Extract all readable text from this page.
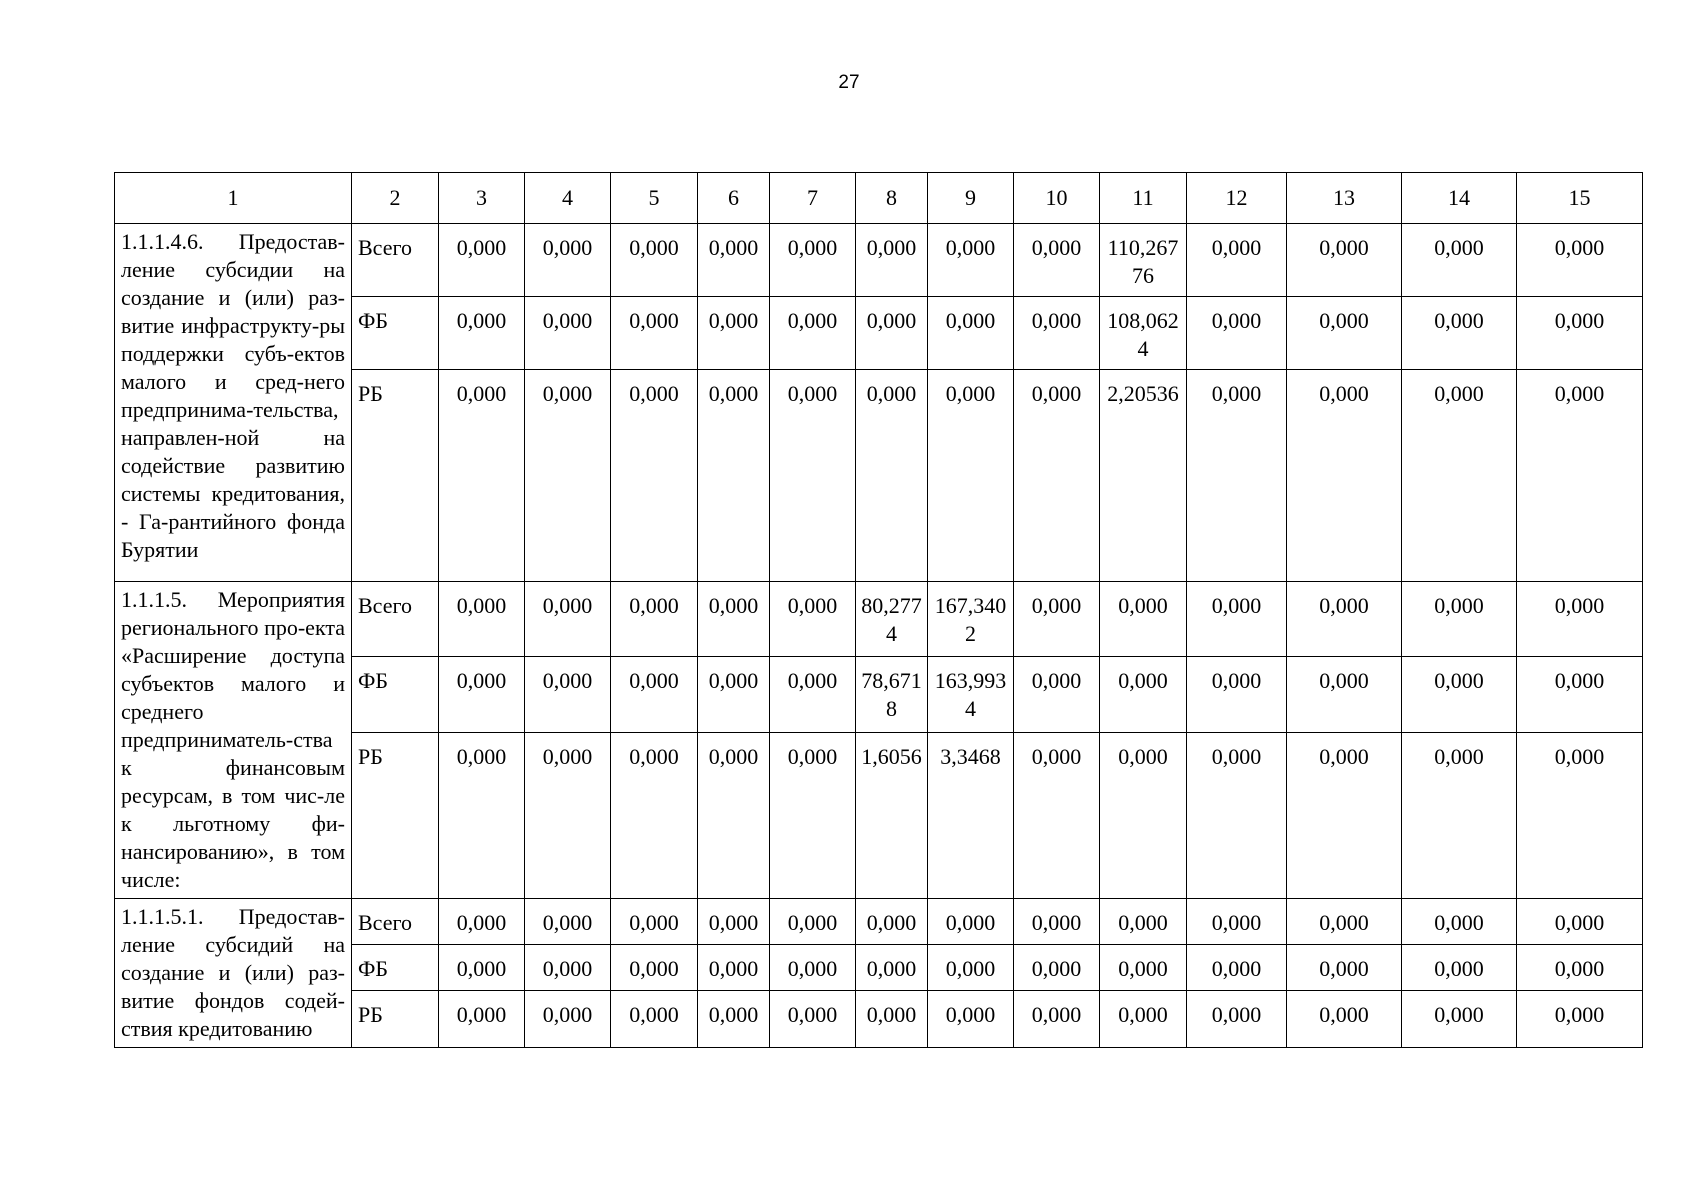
27
1	2	3	4	5	6	7	8	9	10	11	12	13	14	15

1.1.1.4.6. Предостав-ление субсидии на создание и (или) раз-витие инфраструкту-ры поддержки субъ-ектов малого и сред-него предпринима-тельства, направлен-ной на содействие развитию системы кредитования, - Га-рантийного фонда Бурятии	Всего	0,000	0,000	0,000	0,000	0,000	0,000	0,000	0,000	110,26776	0,000	0,000	0,000	0,000
	ФБ	0,000	0,000	0,000	0,000	0,000	0,000	0,000	0,000	108,0624	0,000	0,000	0,000	0,000
	РБ	0,000	0,000	0,000	0,000	0,000	0,000	0,000	0,000	2,20536	0,000	0,000	0,000	0,000

1.1.1.5. Мероприятия регионального про-екта «Расширение доступа субъектов малого и среднего предприниматель-ства к финансовым ресурсам, в том чис-ле к льготному фи-нансированию», в том числе:	Всего	0,000	0,000	0,000	0,000	0,000	80,2774	167,3402	0,000	0,000	0,000	0,000	0,000	0,000
	ФБ	0,000	0,000	0,000	0,000	0,000	78,6718	163,9934	0,000	0,000	0,000	0,000	0,000	0,000
	РБ	0,000	0,000	0,000	0,000	0,000	1,6056	3,3468	0,000	0,000	0,000	0,000	0,000	0,000

1.1.1.5.1. Предостав-ление субсидий на создание и (или) раз-витие фондов содей-ствия кредитованию	Всего	0,000	0,000	0,000	0,000	0,000	0,000	0,000	0,000	0,000	0,000	0,000	0,000	0,000
	ФБ	0,000	0,000	0,000	0,000	0,000	0,000	0,000	0,000	0,000	0,000	0,000	0,000	0,000
	РБ	0,000	0,000	0,000	0,000	0,000	0,000	0,000	0,000	0,000	0,000	0,000	0,000	0,000
